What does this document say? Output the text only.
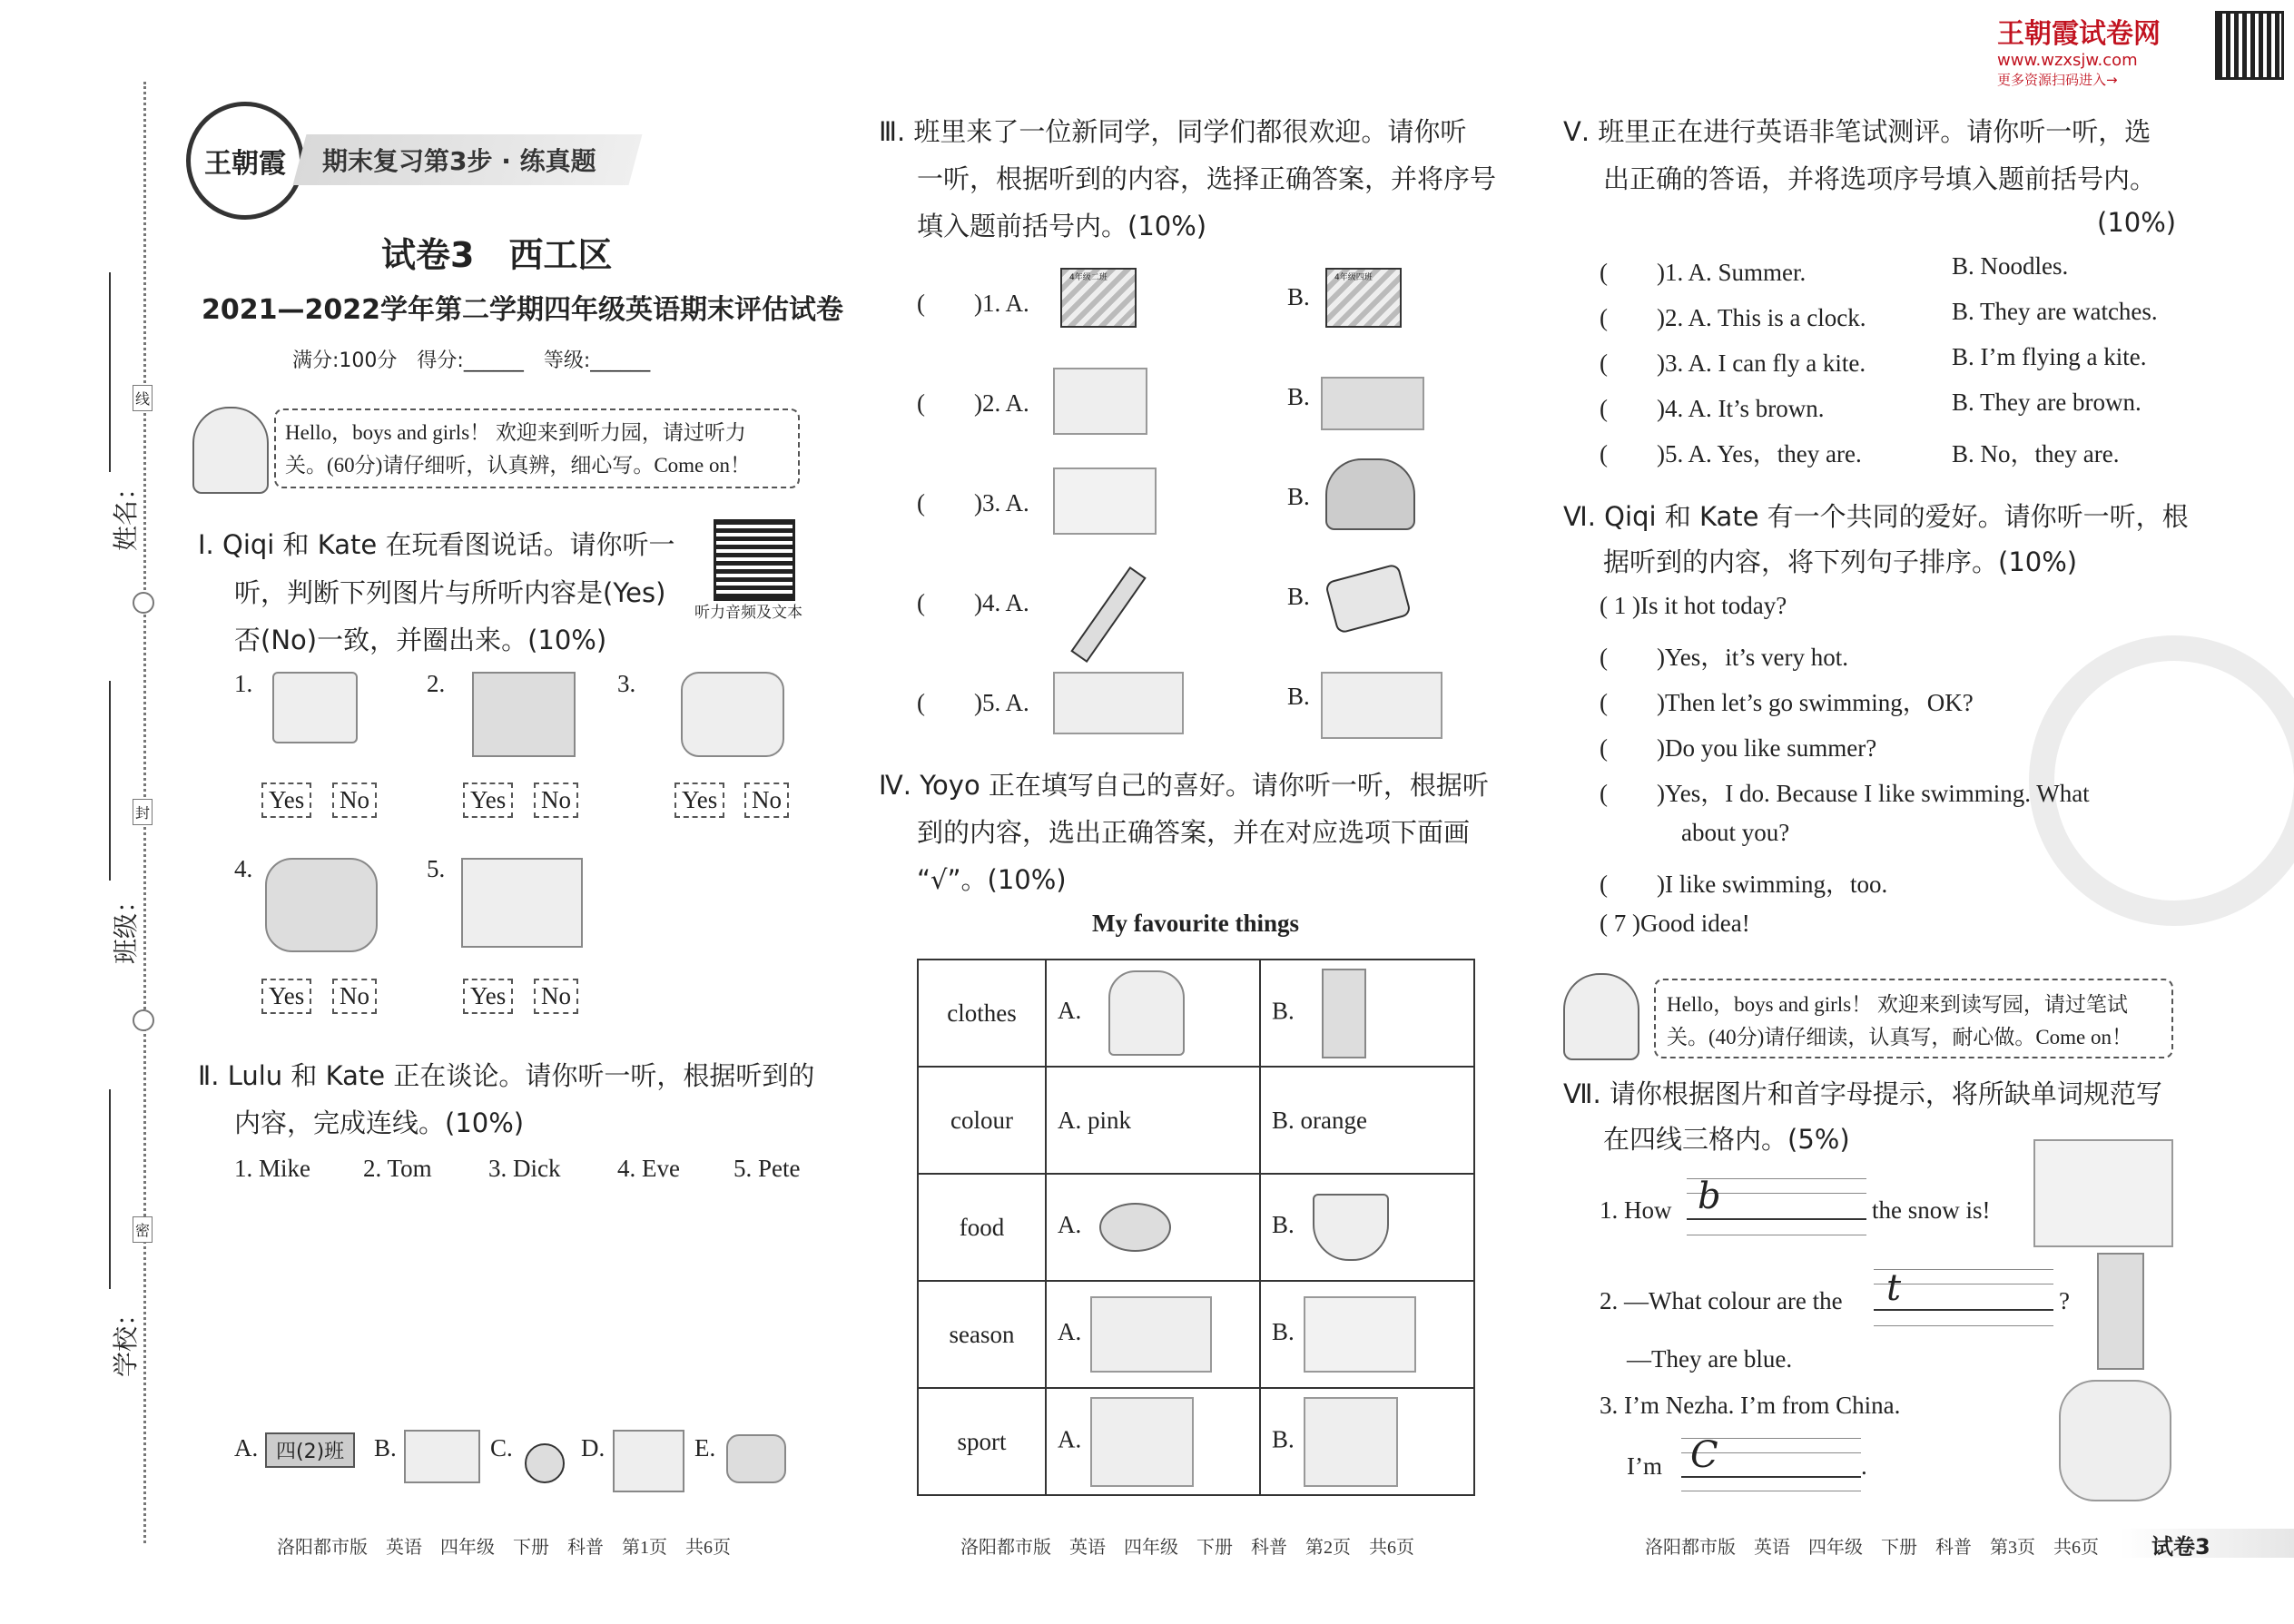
王朝霞试卷网
www.wzxsjw.com
更多资源扫码进入→
王朝霞 期末复习第3步 · 练真题
姓名：
班级：
学校：
线
封
密
试卷3　西工区
2021—2022学年第二学期四年级英语期末评估试卷
满分:100分　得分:______　等级:______
Hello，boys and girls！ 欢迎来到听力园，请过听力
关。(60分)请仔细听，认真辨，细心写。Come on！
Ⅰ. Qiqi 和 Kate 在玩看图说话。请你听一
听，判断下列图片与所听内容是(Yes)
否(No)一致，并圈出来。(10%)
听力音频及文本
1.	2.	3.
Yes No	Yes No	Yes No
4.	5.
Yes No	Yes No
Ⅱ. Lulu 和 Kate 正在谈论。请你听一听，根据听到的
内容，完成连线。(10%)
1. Mike 2. Tom 3. Dick 4. Eve 5. Pete
A. 四(2)班	B.	C.	D.	E.
洛阳都市版　英语　四年级　下册　科普　第1页　共6页
Ⅲ. 班里来了一位新同学，同学们都很欢迎。请你听
一听，根据听到的内容，选择正确答案，并将序号
填入题前括号内。(10%)
(　　)1. A.
4年级二班
B.
4年级四班
(　　)2. A.	B.
(　　)3. A.	B.
(　　)4. A.	B.
(　　)5. A.	B.
Ⅳ. Yoyo 正在填写自己的喜好。请你听一听，根据听
到的内容，选出正确答案，并在对应选项下面画
“√”。(10%)
My favourite things
clothes	A.	B.
colour	A. pink	B. orange
food	A.	B.
season	A.	B.
sport	A.	B.
洛阳都市版　英语　四年级　下册　科普　第2页　共6页
Ⅴ. 班里正在进行英语非笔试测评。请你听一听，选
出正确的答语，并将选项序号填入题前括号内。
(10%)
(　　)1. A. Summer.	B. Noodles.
(　　)2. A. This is a clock.	B. They are watches.
(　　)3. A. I can fly a kite.	B. I’m flying a kite.
(　　)4. A. It’s brown.	B. They are brown.
(　　)5. A. Yes，they are.	B. No，they are.
Ⅵ. Qiqi 和 Kate 有一个共同的爱好。请你听一听，根
据听到的内容，将下列句子排序。(10%)
( 1 )Is it hot today?
(　　)Yes，it’s very hot.
(　　)Then let’s go swimming，OK?
(　　)Do you like summer?
(　　)Yes，I do. Because I like swimming. What
about you?
(　　)I like swimming，too.
( 7 )Good idea!
Hello，boys and girls！ 欢迎来到读写园，请过笔试
关。(40分)请仔细读，认真写，耐心做。Come on！
Ⅶ. 请你根据图片和首字母提示，将所缺单词规范写
在四线三格内。(5%)
1. How b	the snow is!
2. —What colour are the t	?
—They are blue.
3. I’m Nezha. I’m from China.
I’m C	.
洛阳都市版　英语　四年级　下册　科普　第3页　共6页 试卷3
